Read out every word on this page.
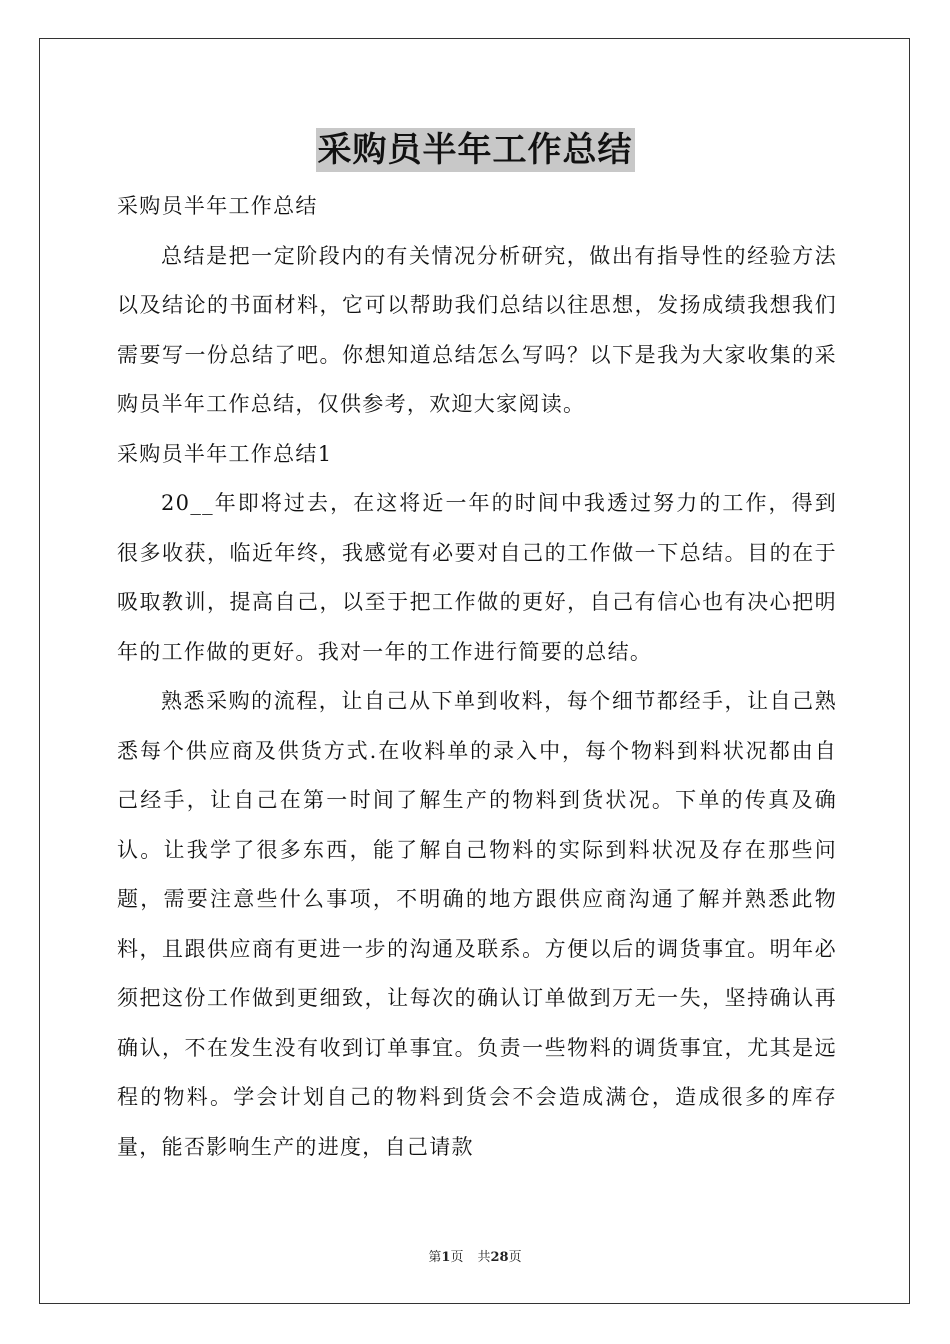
采购员半年工作总结

采购员半年工作总结

总结是把一定阶段内的有关情况分析研究，做出有指导性的经验方法以及结论的书面材料，它可以帮助我们总结以往思想，发扬成绩我想我们需要写一份总结了吧。你想知道总结怎么写吗？以下是我为大家收集的采购员半年工作总结，仅供参考，欢迎大家阅读。

采购员半年工作总结1

20__年即将过去，在这将近一年的时间中我透过努力的工作，得到很多收获，临近年终，我感觉有必要对自己的工作做一下总结。目的在于吸取教训，提高自己，以至于把工作做的更好，自己有信心也有决心把明年的工作做的更好。我对一年的工作进行简要的总结。

熟悉采购的流程，让自己从下单到收料，每个细节都经手，让自己熟悉每个供应商及供货方式.在收料单的录入中，每个物料到料状况都由自己经手，让自己在第一时间了解生产的物料到货状况。下单的传真及确认。让我学了很多东西，能了解自己物料的实际到料状况及存在那些问题，需要注意些什么事项，不明确的地方跟供应商沟通了解并熟悉此物料，且跟供应商有更进一步的沟通及联系。方便以后的调货事宜。明年必须把这份工作做到更细致，让每次的确认订单做到万无一失，坚持确认再确认，不在发生没有收到订单事宜。负责一些物料的调货事宜，尤其是远程的物料。学会计划自己的物料到货会不会造成满仓，造成很多的库存量，能否影响生产的进度，自己请款

第1页 共28页
